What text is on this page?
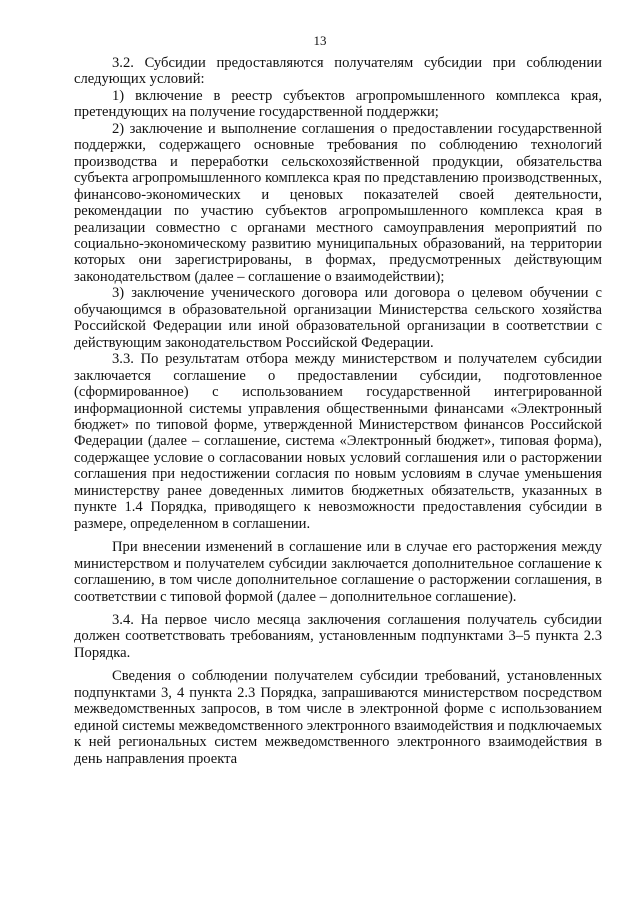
13

3.2. Субсидии предоставляются получателям субсидии при соблюдении следующих условий:

1) включение в реестр субъектов агропромышленного комплекса края, претендующих на получение государственной поддержки;

2) заключение и выполнение соглашения о предоставлении государственной поддержки, содержащего основные требования по соблюдению технологий производства и переработки сельскохозяйственной продукции, обязательства субъекта агропромышленного комплекса края по представлению производственных, финансово-экономических и ценовых показателей своей деятельности, рекомендации по участию субъектов агропромышленного комплекса края в реализации совместно с органами местного самоуправления мероприятий по социально-экономическому развитию муниципальных образований, на территории которых они зарегистрированы, в формах, предусмотренных действующим законодательством (далее – соглашение о взаимодействии);

3) заключение ученического договора или договора о целевом обучении с обучающимся в образовательной организации Министерства сельского хозяйства Российской Федерации или иной образовательной организации в соответствии с действующим законодательством Российской Федерации.

3.3. По результатам отбора между министерством и получателем субсидии заключается соглашение о предоставлении субсидии, подготовленное (сформированное) с использованием государственной интегрированной информационной системы управления общественными финансами «Электронный бюджет» по типовой форме, утвержденной Министерством финансов Российской Федерации (далее – соглашение, система «Электронный бюджет», типовая форма), содержащее условие о согласовании новых условий соглашения или о расторжении соглашения при недостижении согласия по новым условиям в случае уменьшения министерству ранее доведенных лимитов бюджетных обязательств, указанных в пункте 1.4 Порядка, приводящего к невозможности предоставления субсидии в размере, определенном в соглашении.

При внесении изменений в соглашение или в случае его расторжения между министерством и получателем субсидии заключается дополнительное соглашение к соглашению, в том числе дополнительное соглашение о расторжении соглашения, в соответствии с типовой формой (далее – дополнительное соглашение).

3.4. На первое число месяца заключения соглашения получатель субсидии должен соответствовать требованиям, установленным подпунктами 3–5 пункта 2.3 Порядка.

Сведения о соблюдении получателем субсидии требований, установленных подпунктами 3, 4 пункта 2.3 Порядка, запрашиваются министерством посредством межведомственных запросов, в том числе в электронной форме с использованием единой системы межведомственного электронного взаимодействия и подключаемых к ней региональных систем межведомственного электронного взаимодействия в день направления проекта
